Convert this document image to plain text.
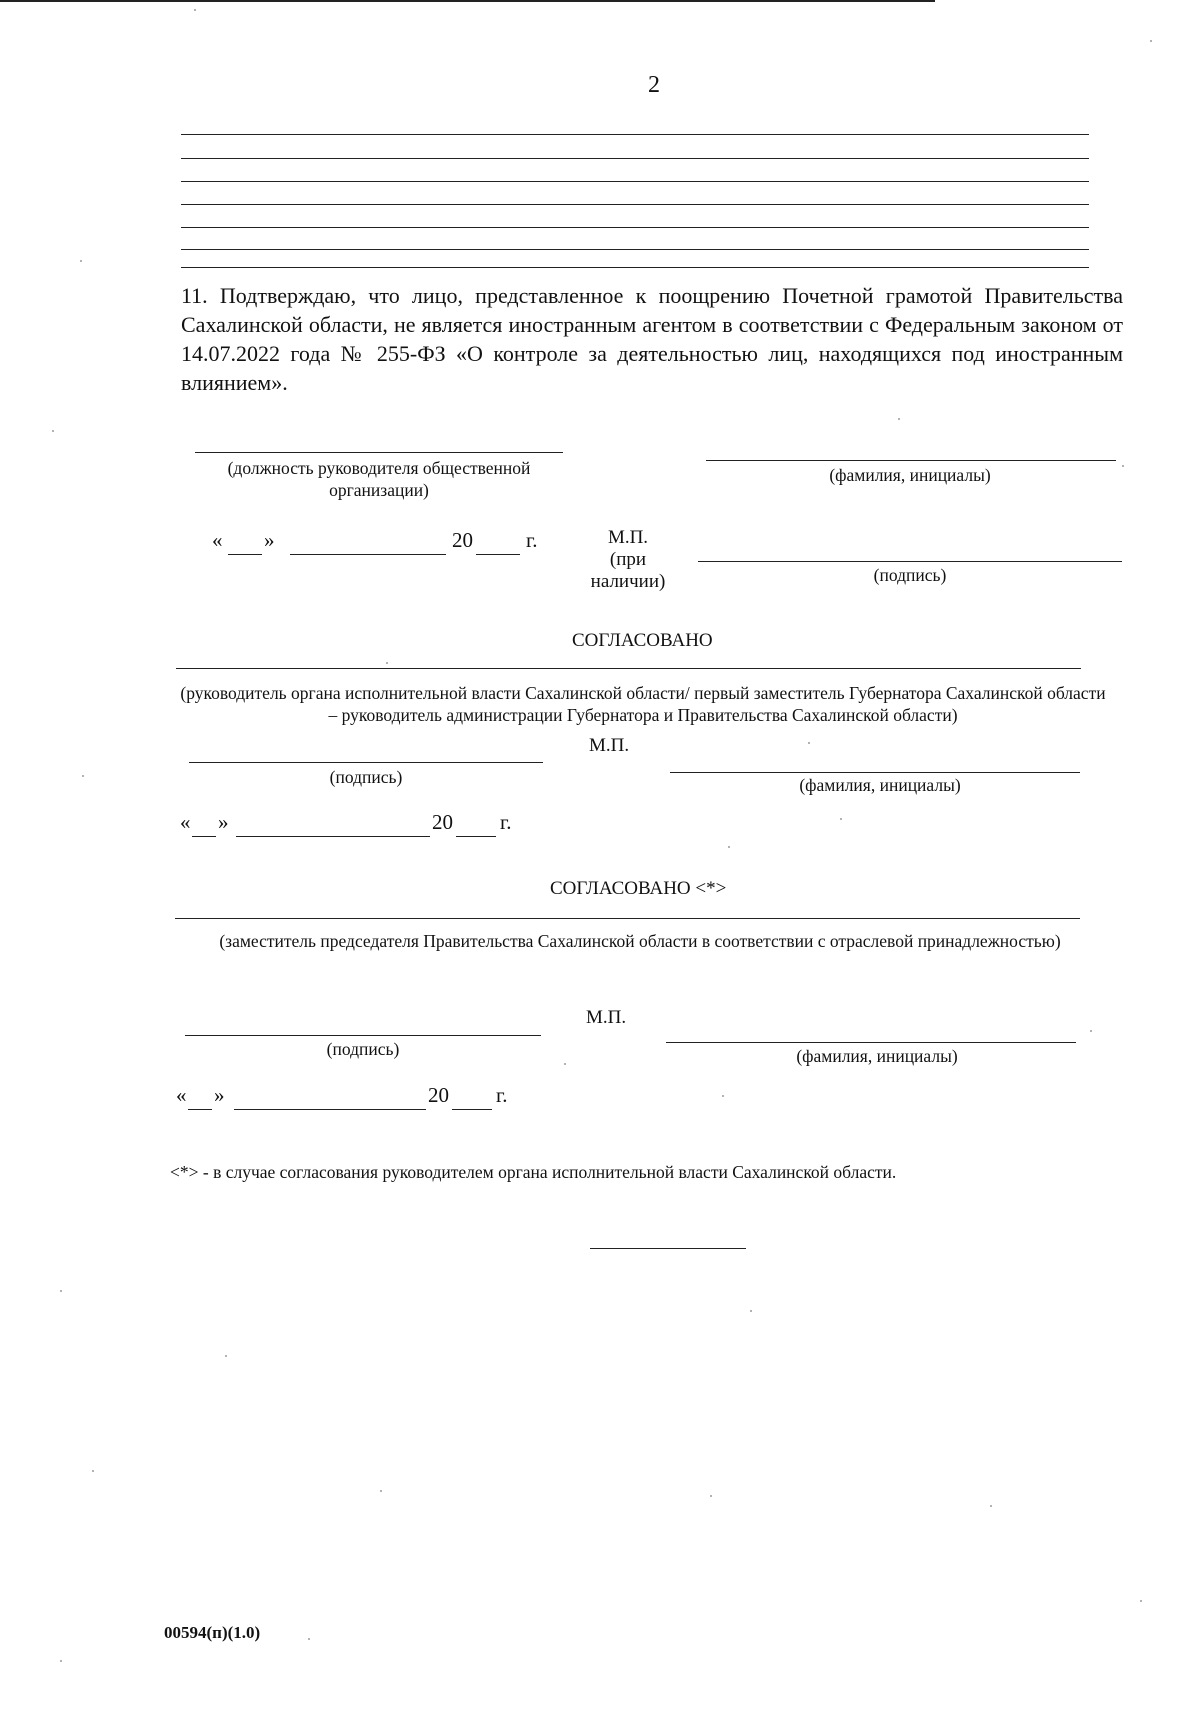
2
11. Подтверждаю, что лицо, представленное к поощрению Почетной грамотой Правительства Сахалинской области, не является иностранным агентом в соответствии с Федеральным законом от 14.07.2022 года № 255-ФЗ «О контроле за деятельностью лиц, находящихся под иностранным влиянием».
(должность руководителя общественной организации)
(фамилия, инициалы)
« »	20	г.	М.П.
(при
наличии)	(подпись)
СОГЛАСОВАНО
(руководитель органа исполнительной власти Сахалинской области/ первый заместитель Губернатора Сахалинской области – руководитель администрации Губернатора и Правительства Сахалинской области)
М.П.
(подпись)	(фамилия, инициалы)
« »	20 г.
СОГЛАСОВАНО <*>
(заместитель председателя Правительства Сахалинской области в соответствии с отраслевой принадлежностью)
М.П.
(подпись)	(фамилия, инициалы)
« »	20 г.
<*> - в случае согласования руководителем органа исполнительной власти Сахалинской области.
00594(п)(1.0)
